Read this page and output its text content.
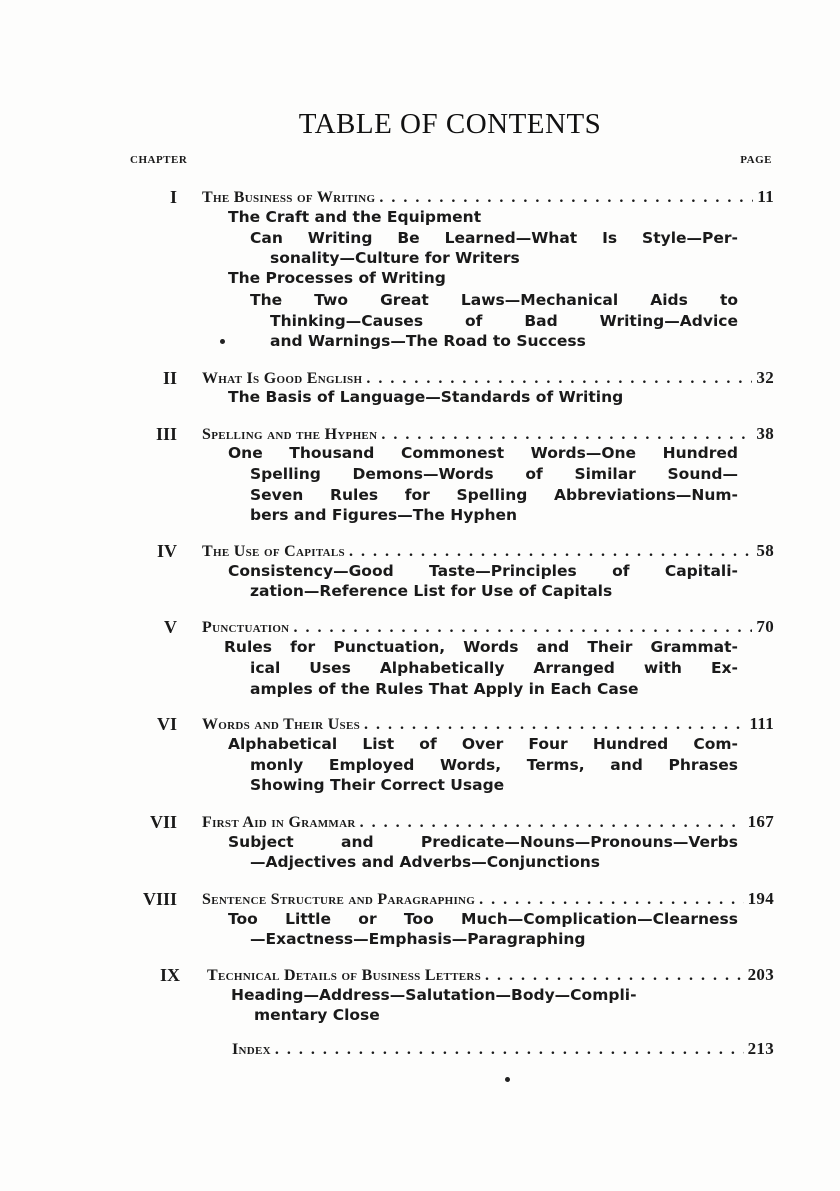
TABLE OF CONTENTS
CHAPTER	PAGE
I The Business of Writing . . .	11
The Craft and the Equipment
Can Writing Be Learned—What Is Style—Per-
sonality—Culture for Writers
The Processes of Writing
The Two Great Laws—Mechanical Aids to
Thinking—Causes of Bad Writing—Advice
and Warnings—The Road to Success
II What Is Good English . . .	32
The Basis of Language—Standards of Writing
III Spelling and the Hyphen . . .	38
One Thousand Commonest Words—One Hundred
Spelling Demons—Words of Similar Sound—
Seven Rules for Spelling Abbreviations—Num-
bers and Figures—The Hyphen
IV The Use of Capitals . . .	58
Consistency—Good Taste—Principles of Capitali-
zation—Reference List for Use of Capitals
V Punctuation . . .	70
Rules for Punctuation, Words and Their Grammat-
ical Uses Alphabetically Arranged with Ex-
amples of the Rules That Apply in Each Case
VI Words and Their Uses . . .	111
Alphabetical List of Over Four Hundred Com-
monly Employed Words, Terms, and Phrases
Showing Their Correct Usage
VII First Aid in Grammar . . .	167
Subject and Predicate—Nouns—Pronouns—Verbs
—Adjectives and Adverbs—Conjunctions
VIII Sentence Structure and Paragraphing . . .	194
Too Little or Too Much—Complication—Clearness
—Exactness—Emphasis—Paragraphing
IX Technical Details of Business Letters . . .	203
Heading—Address—Salutation—Body—Compli-
mentary Close
Index . . .	213
